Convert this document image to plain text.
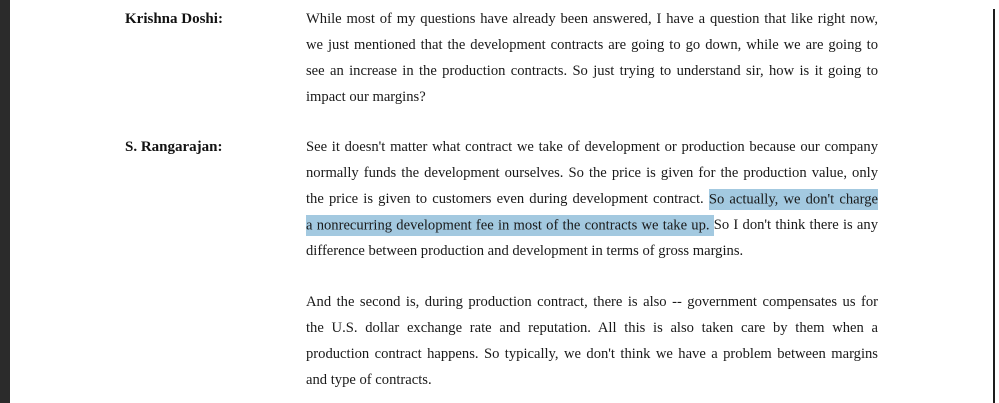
Krishna Doshi:	While most of my questions have already been answered, I have a question that like right now,
we just mentioned that the development contracts are going to go down, while we are going to
see an increase in the production contracts. So just trying to understand sir, how is it going to
impact our margins?
S. Rangarajan:	See it doesn't matter what contract we take of development or production because our company
normally funds the development ourselves. So the price is given for the production value, only
the price is given to customers even during development contract. So actually, we don't charge
a nonrecurring development fee in most of the contracts we take up. So I don't think there is any
difference between production and development in terms of gross margins.
And the second is, during production contract, there is also -- government compensates us for
the U.S. dollar exchange rate and reputation. All this is also taken care by them when a
production contract happens. So typically, we don't think we have a problem between margins
and type of contracts.
